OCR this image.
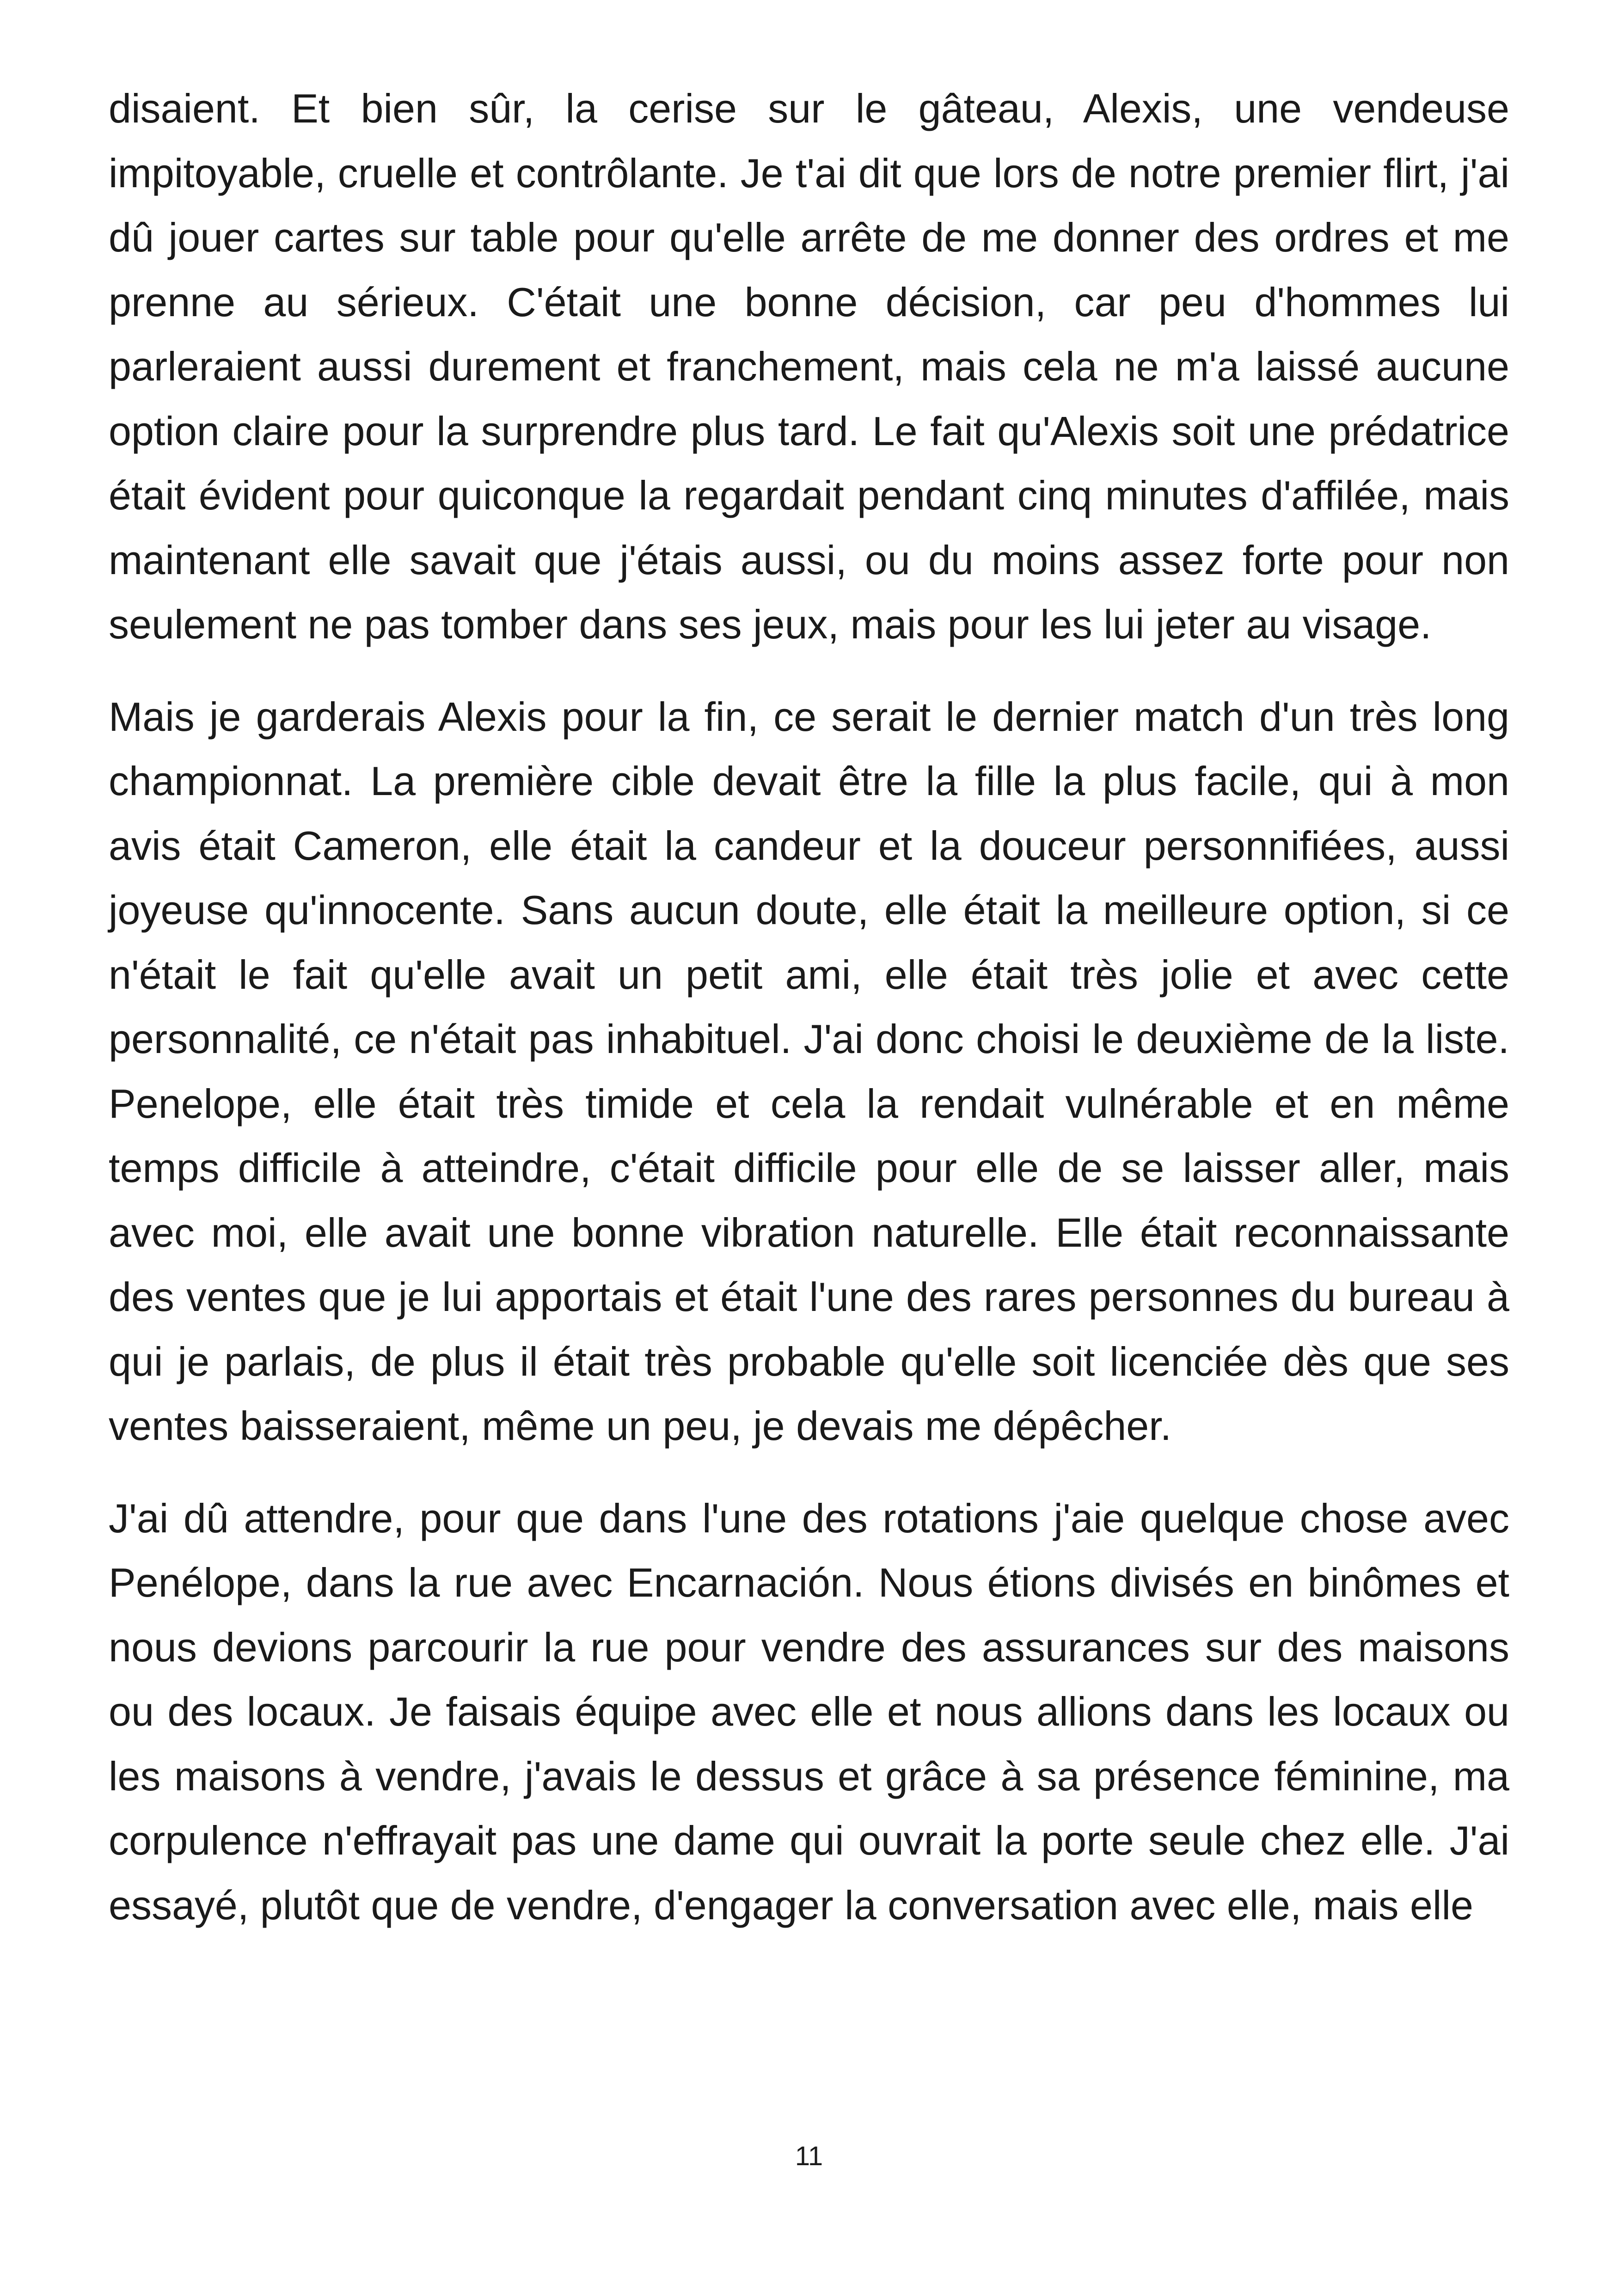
disaient. Et bien sûr, la cerise sur le gâteau, Alexis, une vendeuse impitoyable, cruelle et contrôlante. Je t'ai dit que lors de notre premier flirt, j'ai dû jouer cartes sur table pour qu'elle arrête de me donner des ordres et me prenne au sérieux. C'était une bonne décision, car peu d'hommes lui parleraient aussi durement et franchement, mais cela ne m'a laissé aucune option claire pour la surprendre plus tard. Le fait qu'Alexis soit une prédatrice était évident pour quiconque la regardait pendant cinq minutes d'affilée, mais maintenant elle savait que j'étais aussi, ou du moins assez forte pour non seulement ne pas tomber dans ses jeux, mais pour les lui jeter au visage.

Mais je garderais Alexis pour la fin, ce serait le dernier match d'un très long championnat. La première cible devait être la fille la plus facile, qui à mon avis était Cameron, elle était la candeur et la douceur personnifiées, aussi joyeuse qu'innocente. Sans aucun doute, elle était la meilleure option, si ce n'était le fait qu'elle avait un petit ami, elle était très jolie et avec cette personnalité, ce n'était pas inhabituel. J'ai donc choisi le deuxième de la liste. Penelope, elle était très timide et cela la rendait vulnérable et en même temps difficile à atteindre, c'était difficile pour elle de se laisser aller, mais avec moi, elle avait une bonne vibration naturelle. Elle était reconnaissante des ventes que je lui apportais et était l'une des rares personnes du bureau à qui je parlais, de plus il était très probable qu'elle soit licenciée dès que ses ventes baisseraient, même un peu, je devais me dépêcher.

J'ai dû attendre, pour que dans l'une des rotations j'aie quelque chose avec Penélope, dans la rue avec Encarnación. Nous étions divisés en binômes et nous devions parcourir la rue pour vendre des assurances sur des maisons ou des locaux. Je faisais équipe avec elle et nous allions dans les locaux ou les maisons à vendre, j'avais le dessus et grâce à sa présence féminine, ma corpulence n'effrayait pas une dame qui ouvrait la porte seule chez elle. J'ai essayé, plutôt que de vendre, d'engager la conversation avec elle, mais elle

11
